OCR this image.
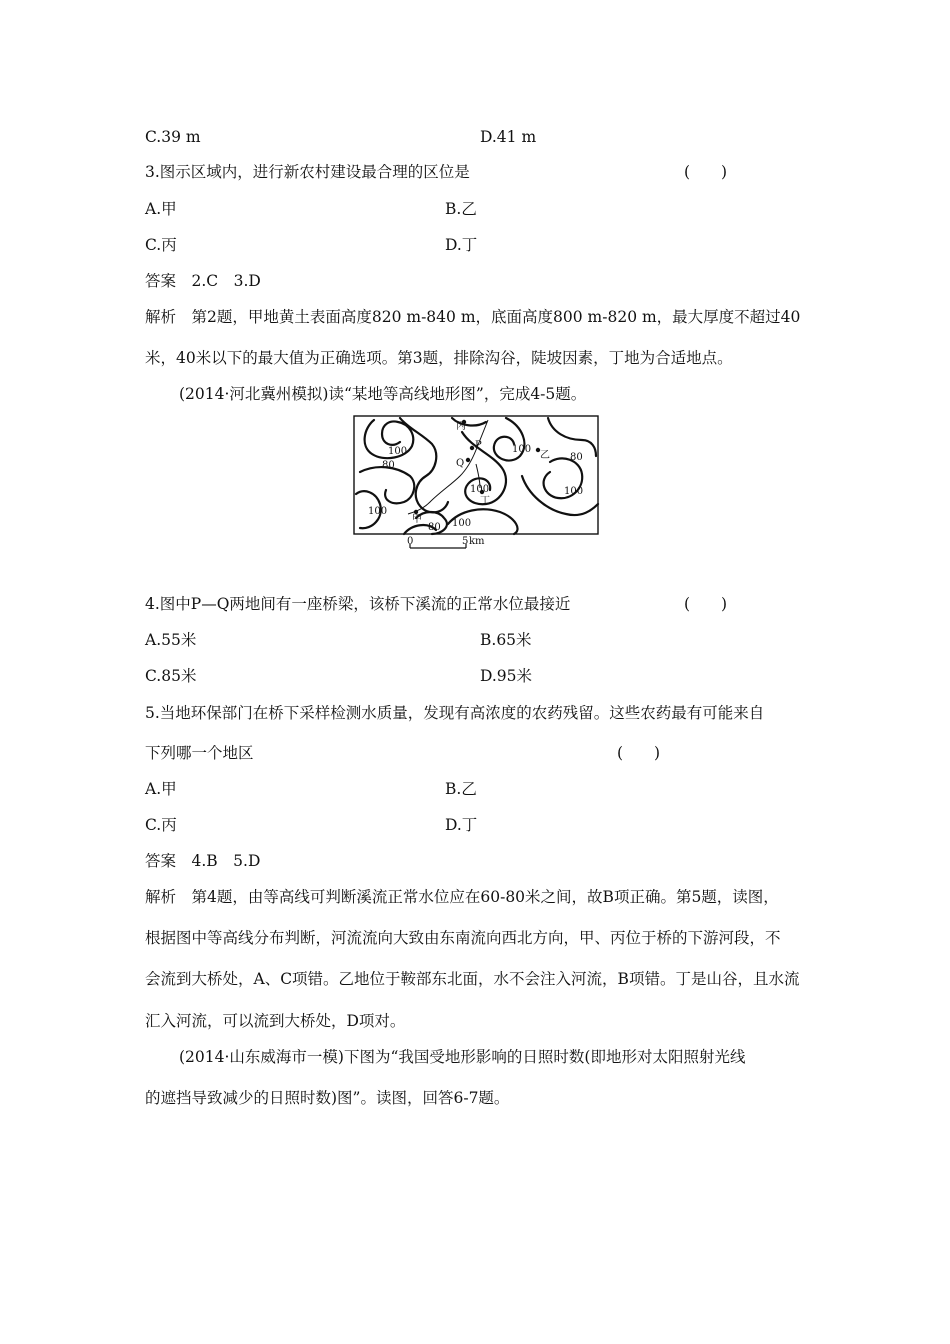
C.39 m	D.41 m
3.图示区域内，进行新农村建设最合理的区位是	(　　)
A.甲	B.乙
C.丙	D.丁
答案　2.C　3.D
解析　第2题，甲地黄土表面高度820 m-840 m，底面高度800 m-820 m，最大厚度不超过40
米，40米以下的最大值为正确选项。第3题，排除沟谷，陡坡因素，丁地为合适地点。
(2014·河北冀州模拟)读“某地等高线地形图”，完成4-5题。
丙
P
Q
乙
甲
丁
100
80
100
80
100	100
100
80 100
0	5 km
4.图中P—Q两地间有一座桥梁，该桥下溪流的正常水位最接近	(　　)
A.55米	B.65米
C.85米	D.95米
5.当地环保部门在桥下采样检测水质量，发现有高浓度的农药残留。这些农药最有可能来自
下列哪一个地区	(　　)
A.甲	B.乙
C.丙	D.丁
答案　4.B　5.D
解析　第4题，由等高线可判断溪流正常水位应在60-80米之间，故B项正确。第5题，读图，
根据图中等高线分布判断，河流流向大致由东南流向西北方向，甲、丙位于桥的下游河段，不
会流到大桥处，A、C项错。乙地位于鞍部东北面，水不会注入河流，B项错。丁是山谷，且水流
汇入河流，可以流到大桥处，D项对。
(2014·山东威海市一模)下图为“我国受地形影响的日照时数(即地形对太阳照射光线
的遮挡导致减少的日照时数)图”。读图，回答6-7题。
